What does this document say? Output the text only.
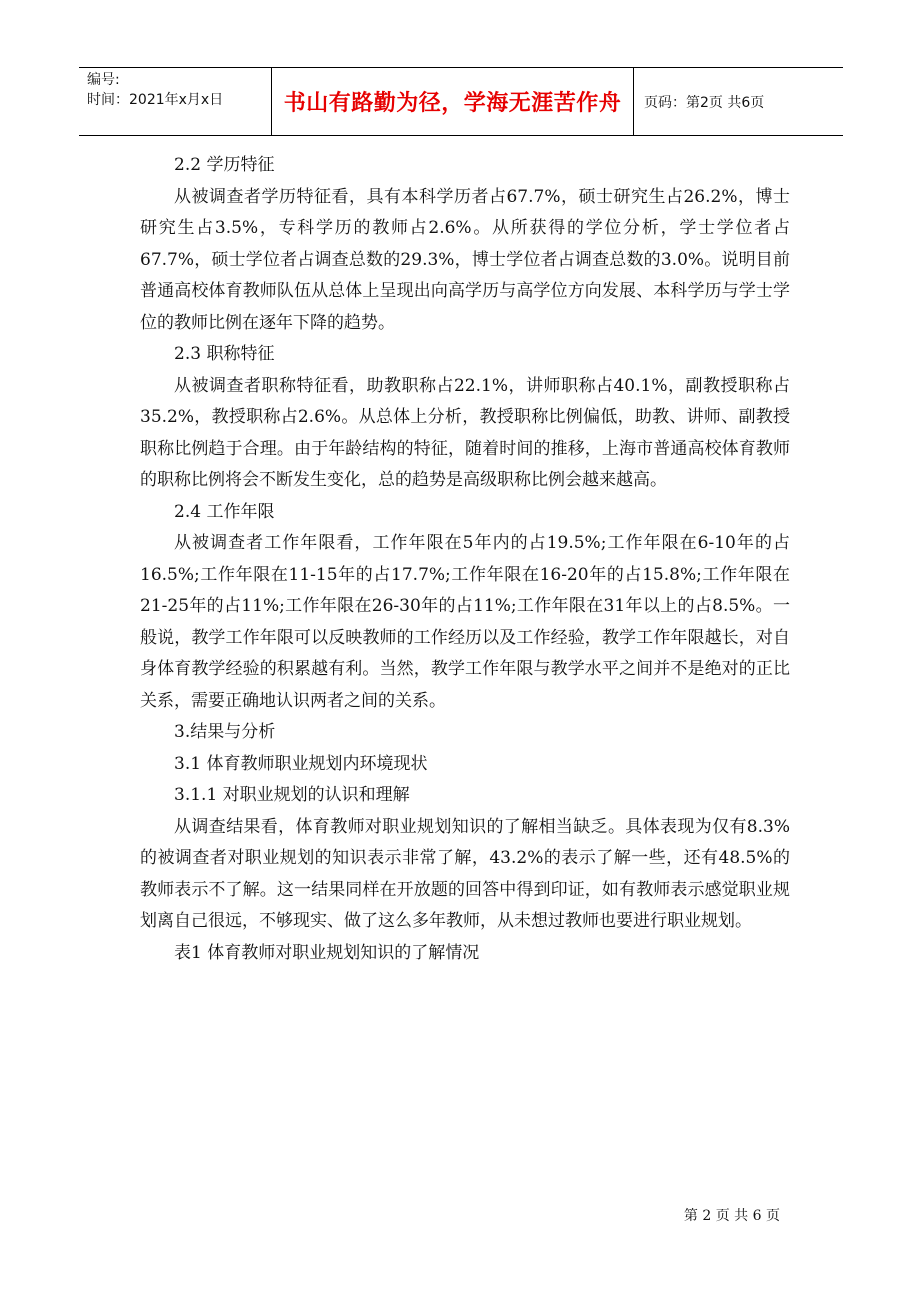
编号:
时间：2021年x月x日	书山有路勤为径，学海无涯苦作舟	页码：第2页 共6页

2.2 学历特征

从被调查者学历特征看，具有本科学历者占67.7%，硕士研究生占26.2%，博士研究生占3.5%，专科学历的教师占2.6%。从所获得的学位分析，学士学位者占67.7%，硕士学位者占调查总数的29.3%，博士学位者占调查总数的3.0%。说明目前普通高校体育教师队伍从总体上呈现出向高学历与高学位方向发展、本科学历与学士学位的教师比例在逐年下降的趋势。

2.3 职称特征

从被调查者职称特征看，助教职称占22.1%，讲师职称占40.1%，副教授职称占35.2%，教授职称占2.6%。从总体上分析，教授职称比例偏低，助教、讲师、副教授职称比例趋于合理。由于年龄结构的特征，随着时间的推移，上海市普通高校体育教师的职称比例将会不断发生变化，总的趋势是高级职称比例会越来越高。

2.4 工作年限

从被调查者工作年限看，工作年限在5年内的占19.5%;工作年限在6-10年的占16.5%;工作年限在11-15年的占17.7%;工作年限在16-20年的占15.8%;工作年限在21-25年的占11%;工作年限在26-30年的占11%;工作年限在31年以上的占8.5%。一般说，教学工作年限可以反映教师的工作经历以及工作经验，教学工作年限越长，对自身体育教学经验的积累越有利。当然，教学工作年限与教学水平之间并不是绝对的正比关系，需要正确地认识两者之间的关系。

3.结果与分析

3.1 体育教师职业规划内环境现状

3.1.1 对职业规划的认识和理解

从调查结果看，体育教师对职业规划知识的了解相当缺乏。具体表现为仅有8.3%的被调查者对职业规划的知识表示非常了解，43.2%的表示了解一些，还有48.5%的教师表示不了解。这一结果同样在开放题的回答中得到印证，如有教师表示感觉职业规划离自己很远，不够现实、做了这么多年教师，从未想过教师也要进行职业规划。

表1 体育教师对职业规划知识的了解情况

第 2 页 共 6 页
